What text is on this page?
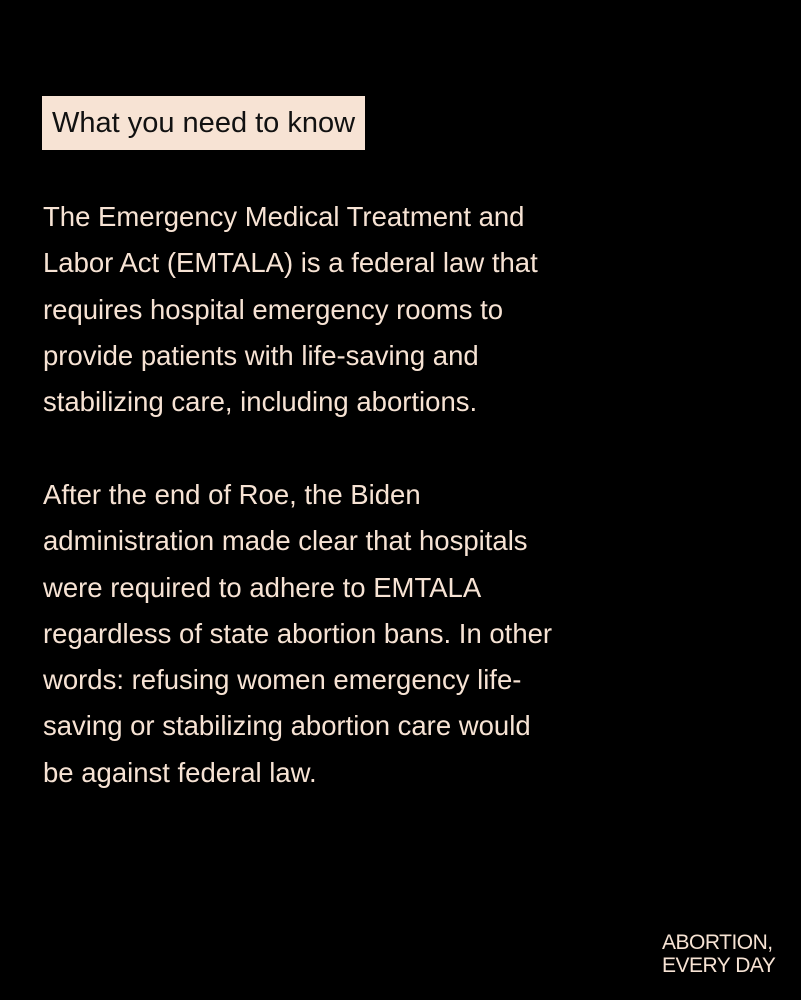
What you need to know

The Emergency Medical Treatment and
Labor Act (EMTALA) is a federal law that
requires hospital emergency rooms to
provide patients with life-saving and
stabilizing care, including abortions.

After the end of Roe, the Biden
administration made clear that hospitals
were required to adhere to EMTALA
regardless of state abortion bans. In other
words: refusing women emergency life-
saving or stabilizing abortion care would
be against federal law.

ABORTION,
EVERY DAY
